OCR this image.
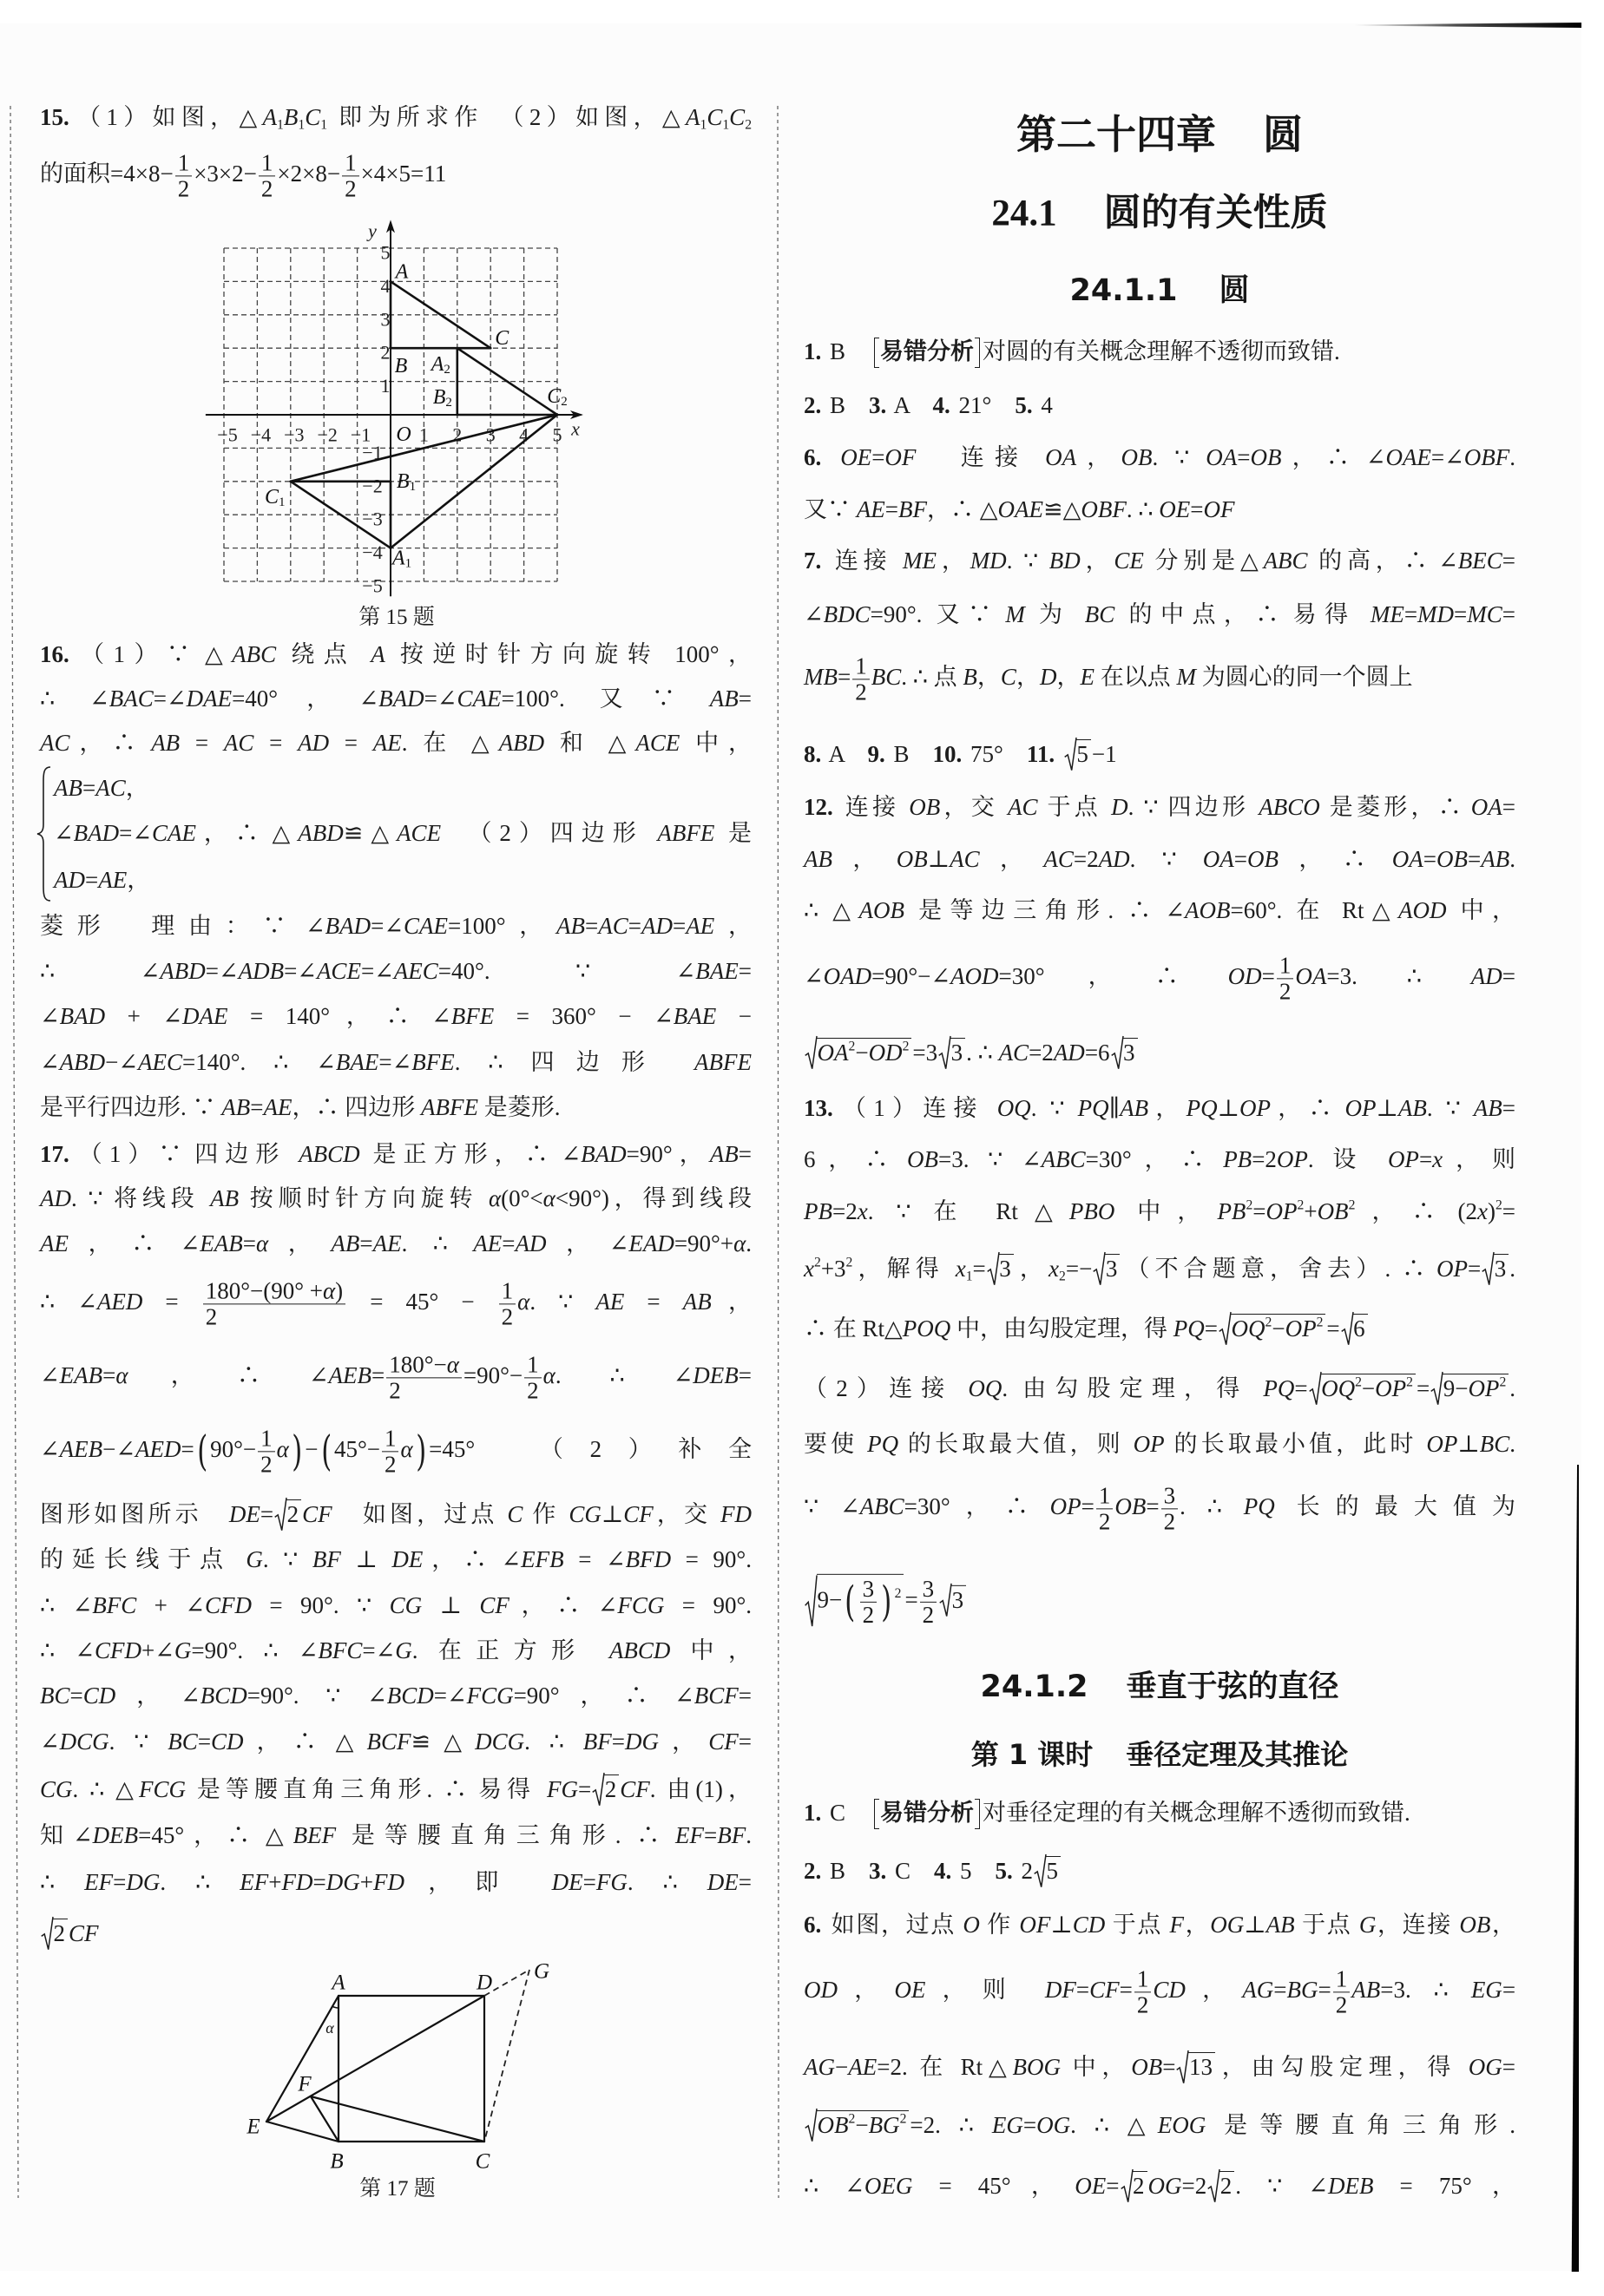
15. （1）如图，$\triangle A_1B_1C_1$ 即为所求作　（2）如图，$\triangle A_1C_1C_2$
的面积$=4\times 8- \frac{1}{2} \times 3\times 2- \frac{1}{2} \times 2\times 8- \frac{1}{2} \times 4\times 5=11$
x
y
O
−5 −4 −3 −2 −1	1 2 3 4 5
5
4
3
2
1
−1
−2
−3
−4
−5
A
B
C
$A_1$
$B_1$
$C_1$
$A_2$
$B_2$	$C_2$
第 15 题
16. （1）∵ △ABC 绕点 A 按逆时针方向旋转 100°，
∴ ∠BAC=∠DAE=40°，∠BAD=∠CAE=100°. 又∵ AB=
AC，∴ AB = AC = AD = AE. 在 △ABD 和 △ACE 中，
AB=AC，
∠BAD=∠CAE，∴ △ABD≌△ACE　（2）四边形 ABFE 是
AD=AE，
菱形　理由：∵ ∠BAD=∠CAE=100°，AB=AC=AD=AE，
∴ ∠ABD=∠ADB=∠ACE=∠AEC=40°. ∵ ∠BAE=
∠BAD + ∠DAE = 140°，∴ ∠BFE = 360° − ∠BAE −
∠ABD−∠AEC=140°. ∴ ∠BAE=∠BFE. ∴ 四边形 ABFE
是平行四边形. ∵ AB=AE，∴ 四边形 ABFE 是菱形.
17. （1）∵ 四边形 ABCD 是正方形，∴ ∠BAD=90°，AB=
AD. ∵ 将线段 AB 按顺时针方向旋转 α(0°<α<90°)，得到线段
AE，∴ ∠EAB=α，AB=AE. ∴ AE=AD，∠EAD=90°+α.
∴ ∠AED = $\frac{180^\circ-(90^\circ +\alpha)}{2} = 45^\circ - \frac{1}{2} \alpha$. ∵ AE = AB，
∠EAB=α，∴ ∠AEB= $\frac{180^\circ-\alpha}{2} =90^\circ- \frac{1}{2} \alpha$. ∴ ∠DEB=
∠AEB−∠AED=( $90^\circ- \frac{1}{2} \alpha$) −( $45^\circ- \frac{1}{2} \alpha) =45^\circ$　（2）补全
图形如图所示　DE= 2 CF　如图，过点 C 作 CG⊥CF，交 FD
的延长线于点 G. ∵ BF ⊥ DE，∴ ∠EFB = ∠BFD = 90°.
∴ ∠BFC + ∠CFD = 90°. ∵ CG ⊥ CF，∴ ∠FCG = 90°.
∴ ∠CFD+∠G=90°. ∴ ∠BFC=∠G. 在正方形 ABCD 中，
BC=CD，∠BCD=90°. ∵ ∠BCD=∠FCG=90°，∴ ∠BCF=
∠DCG. ∵ BC=CD，∴ △BCF≌△DCG. ∴ BF=DG，CF=
CG. ∴ △FCG 是等腰直角三角形. ∴ 易得 FG= 2 CF. 由(1)，
知∠DEB=45°，∴ △BEF 是等腰直角三角形. ∴ EF=BF.
∴ EF=DG. ∴ EF+FD=DG+FD，即 DE=FG. ∴ DE=
2 CF
A	D G
F
E
B	C
α
第 17 题
第二十四章 圆
24.1 圆的有关性质
24.1.1 圆
1. B　 易错分析 对圆的有关概念理解不透彻而致错.
2. B　 3. A　 4. 21°　5. 4
6. OE=OF　连接 OA，OB. ∵ OA=OB，∴ ∠OAE=∠OBF.
又∵ AE=BF，∴ △OAE≌△OBF. ∴ OE=OF
7. 连接 ME，MD. ∵ BD，CE 分别是△ABC 的高，∴ ∠BEC=
∠BDC=90°. 又∵ M 为 BC 的中点，∴ 易得 ME=MD=MC=
$MB= \frac{1}{2}$ BC. ∴ 点 B，C，D，E 在以点 M 为圆心的同一个圆上
8. A　 9. B　 10. 75°　11. 5 −1
12. 连接 OB，交 AC 于点 D. ∵ 四边形 ABCO 是菱形，∴ OA=
AB，OB⊥AC，AC=2AD. ∵ OA=OB，∴ OA=OB=AB.
∴ △AOB 是等边三角形. ∴ ∠AOB=60°. 在 Rt△AOD 中，
∠OAD=90°−∠AOD=30°，∴ $OD= \frac{1}{2} OA=3$. ∴ AD=
$OA^2-OD^2 =3$ 3 . ∴ AC=2AD=6 3
13. （1）连接 OQ. ∵ PQ∥AB，PQ⊥OP，∴ OP⊥AB. ∵ AB=
6，∴ OB=3. ∵ ∠ABC=30°，∴ PB=2OP. 设 OP=x，则
PB=2x. ∵ 在 Rt△PBO 中，$PB^2=OP^2+OB^2$，∴ $(2x)^2=$
$x^2+3^2$，解得 $x_1= 3$ ，$x_2=- 3$ （不合题意，舍去）. ∴ OP= 3 .
∴ 在 Rt△POQ 中，由勾股定理，得 $PQ= OQ^2-OP^2 = 6$
（2）连接 OQ. 由勾股定理，得 $PQ= OQ^2-OP^2 = 9-OP^2$ .
要使 PQ 的长取最大值，则 OP 的长取最小值，此时 OP⊥BC.
∵ ∠ABC=30°，∴ $OP= \frac{1}{2} OB= \frac{3}{2}$ . ∴ PQ 长的最大值为
$9-( \frac{3}{2}$ ) $^2 = \frac{3}{2} 3$
24.1.2 垂直于弦的直径
第 1 课时 垂径定理及其推论
1. C　 易错分析 对垂径定理的有关概念理解不透彻而致错.
2. B　 3. C　 4. 5　5. 2 5
6. 如图，过点 O 作 OF⊥CD 于点 F，OG⊥AB 于点 G，连接 OB，
OD，OE，则 $DF=CF= \frac{1}{2}$ CD，$AG=BG= \frac{1}{2} AB=3$. ∴ EG=
AG−AE=2. 在 Rt△BOG 中，OB= 13 ，由勾股定理，得 OG=
$OB^2-BG^2 =2$. ∴ EG=OG. ∴ △EOG 是等腰直角三角形.
∴ ∠OEG = 45°，OE= 2 OG=2 2 . ∵ ∠DEB = 75°，
